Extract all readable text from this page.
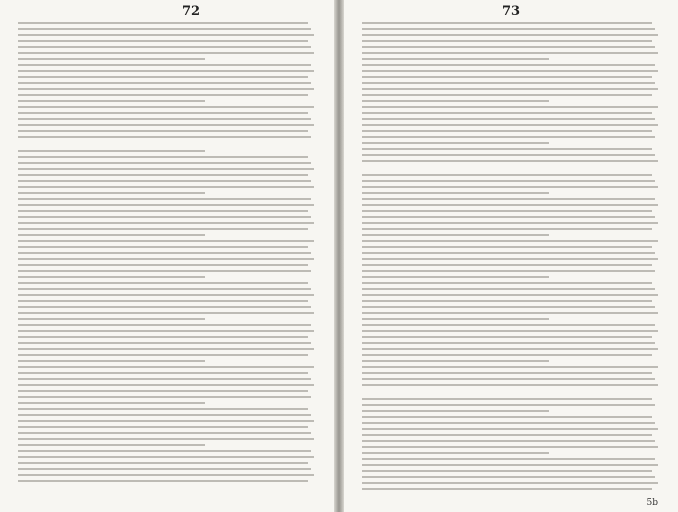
72	73
5b
